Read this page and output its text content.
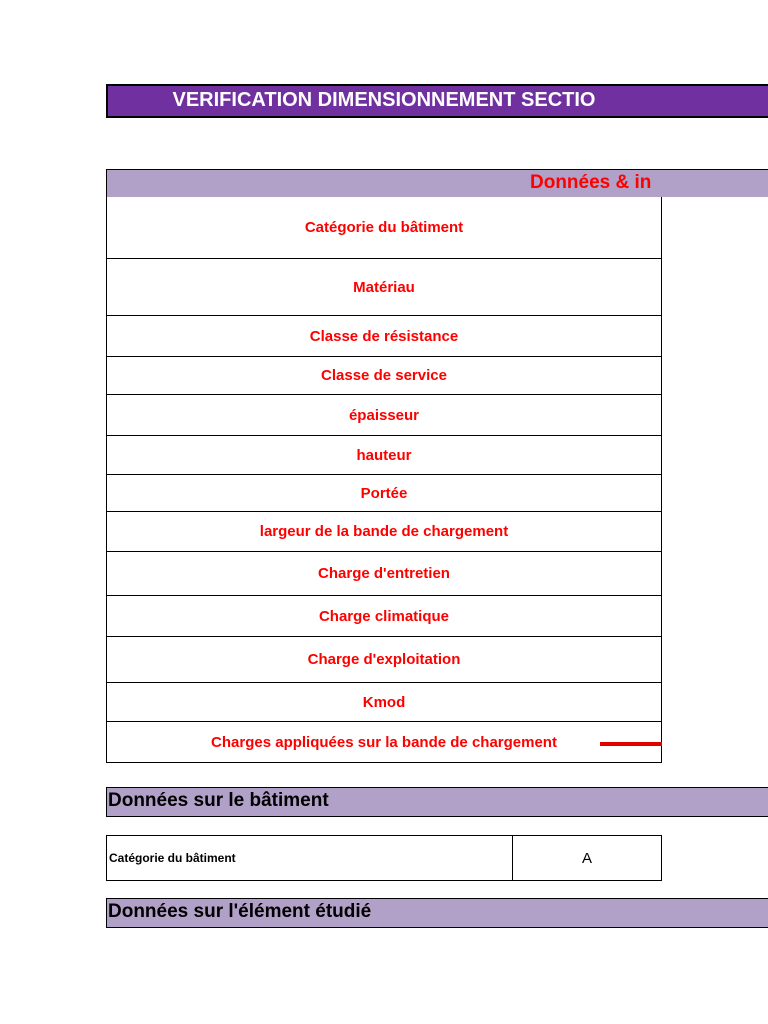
VERIFICATION DIMENSIONNEMENT SECTIO
Données & in
Catégorie du bâtiment
Matériau
Classe de résistance
Classe de service
épaisseur
hauteur
Portée
largeur de la bande de chargement
Charge d'entretien
Charge climatique
Charge d'exploitation
Kmod
Charges appliquées sur la bande de chargement
Données sur le bâtiment
Catégorie du bâtiment	A
Données sur l'élément étudié
